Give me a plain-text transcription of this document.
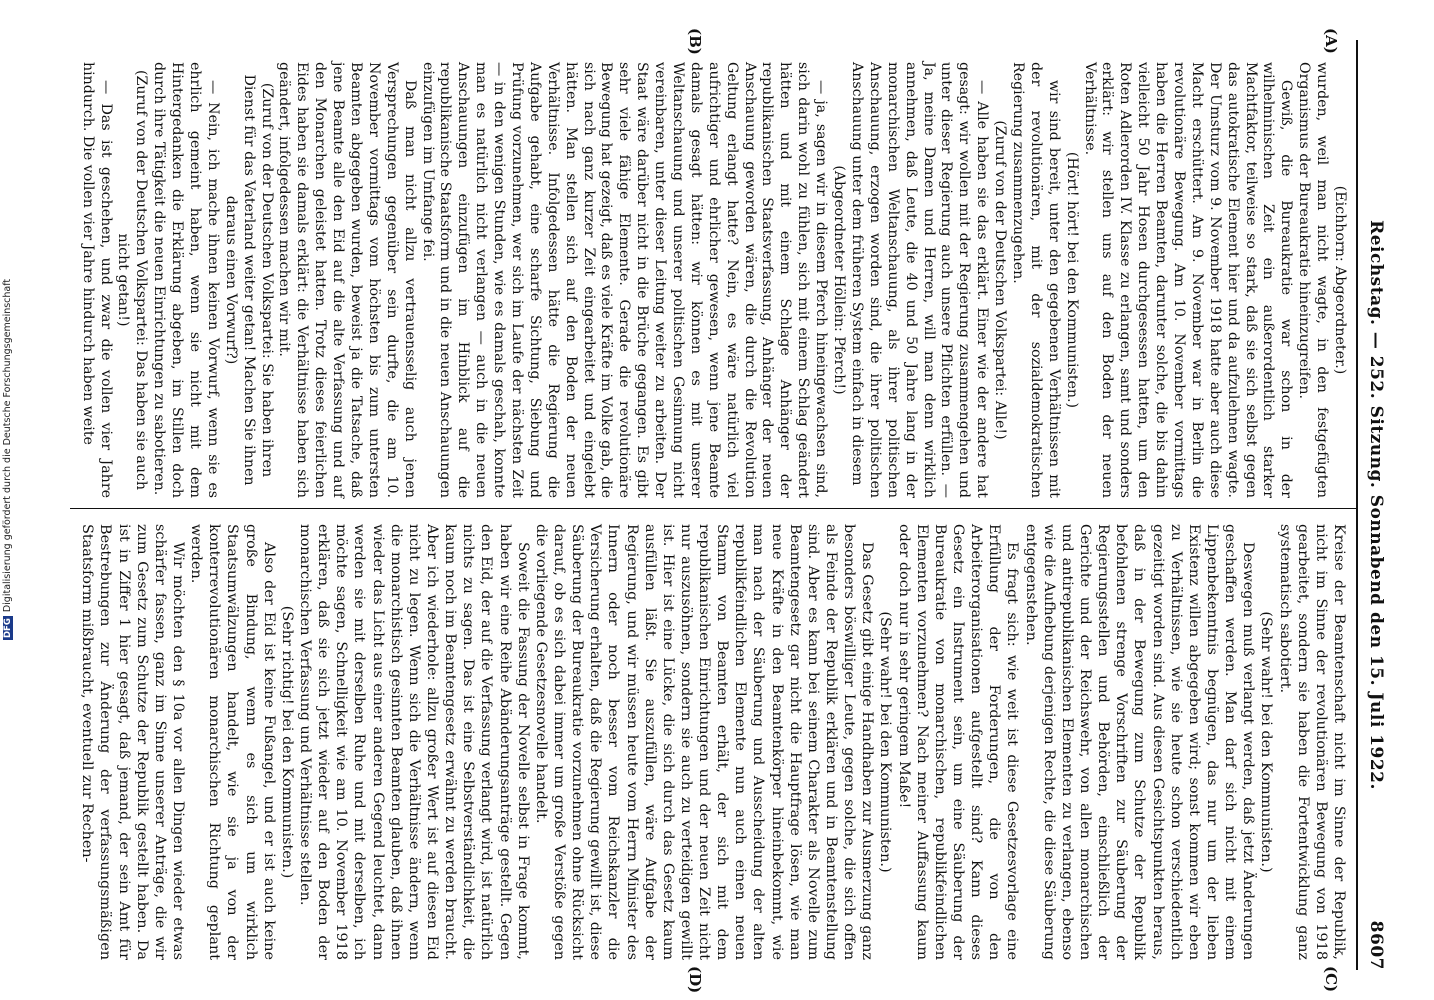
Reichstag. — 252. Sitzung. Sonnabend den 15. Juli 1922.
8607
(A)
(B)
(C)
(D)

(Eichhorn: Abgeordneter.)

wurden, weil man nicht wagte, in den festgefügten Organismus der Bureaukratie hineinzugreifen.

Gewiß, die Bureaukratie war schon in der wilhelminischen Zeit ein außerordentlich starker Machtfaktor, teilweise so stark, daß sie sich selbst gegen das autokratische Element hier und da aufzulehnen wagte. Der Umsturz vom 9. November 1918 hatte aber auch diese Macht erschüttert. Am 9. November war in Berlin die revolutionäre Bewegung. Am 10. November vormittags haben die Herren Beamten, darunter solche, die bis dahin vielleicht 50 Jahr Hosen durchgesessen hatten, um den Roten Adlerorden IV. Klasse zu erlangen, samt und sonders erklärt: wir stellen uns auf den Boden der neuen Verhältnisse.

(Hört! hört! bei den Kommunisten.)

wir sind bereit, unter den gegebenen Verhältnissen mit der revolutionären, mit der sozialdemokratischen Regierung zusammenzugehen.

(Zuruf von der Deutschen Volkspartei: Alle!)

— Alle haben sie das erklärt. Einer wie der andere hat gesagt: wir wollen mit der Regierung zusammengehen und unter dieser Regierung auch unsere Pflichten erfüllen. — Ja, meine Damen und Herren, will man denn wirklich annehmen, daß Leute, die 40 und 50 Jahre lang in der monarchischen Weltanschauung, als ihrer politischen Anschauung, erzogen worden sind, die ihrer politischen Anschauung unter dem früheren System einfach in diesem

(Abgeordneter Höllein: Pferch!)

— ja, sagen wir in diesem Pferch hineingewachsen sind, sich darin wohl zu fühlen, sich mit einem Schlag geändert hätten und mit einem Schlage Anhänger der republikanischen Staatsverfassung, Anhänger der neuen Anschauung geworden wären, die durch die Revolution Geltung erlangt hatte? Nein, es wäre natürlich viel aufrichtiger und ehrlicher gewesen, wenn jene Beamte damals gesagt hätten: wir können es mit unserer Weltanschauung und unserer politischen Gesinnung nicht vereinbaren, unter dieser Leitung weiter zu arbeiten. Der Staat wäre darüber nicht in die Brüche gegangen. Es gibt sehr viele fähige Elemente. Gerade die revolutionäre Bewegung hat gezeigt, daß es viele Kräfte im Volke gab, die sich nach ganz kurzer Zeit eingearbeitet und eingelebt hätten. Man stellen sich auf den Boden der neuen Verhältnisse. Infolgedessen hätte die Regierung die Aufgabe gehabt, eine scharfe Sichtung, Siebung und Prüfung vorzunehmen, wer sich im Laufe der nächsten Zeit — in den wenigen Stunden, wie es damals geschah, konnte man es natürlich nicht verlangen — auch in die neuen Anschauungen einzufügen im Hinblick auf die republikanische Staatsform und in die neuen Anschauungen einzufügen im Umfange fei.

Daß man nicht allzu vertrauensselig auch jenen Versprechungen gegenüber sein durfte, die am 10. November vormittags vom höchsten bis zum untersten Beamten abgegeben wurden, beweist ja die Tatsache, daß jene Beamte alle den Eid auf die alte Verfassung und auf den Monarchen geleistet hatten. Trotz dieses feierlichen Eides haben sie damals erklärt: die Verhältnisse haben sich geändert, infolgedessen machen wir mit.

(Zuruf von der Deutschen Volkspartei: Sie haben ihren Dienst für das Vaterland weiter getan! Machen Sie ihnen daraus einen Vorwurf?)

— Nein, ich mache ihnen keinen Vorwurf, wenn sie es ehrlich gemeint haben, wenn sie nicht mit dem Hintergedanken die Erklärung abgeben, im Stillen doch durch ihre Tätigkeit die neuen Einrichtungen zu sabotieren.

(Zuruf von der Deutschen Volkspartei: Das haben sie auch nicht getan!)

— Das ist geschehen, und zwar die vollen vier Jahre hindurch. Die vollen vier Jahre hindurch haben weite

Kreise der Beamtenschaft nicht im Sinne der Republik, nicht im Sinne der revolutionären Bewegung von 1918 gearbeitet, sondern sie haben die Fortentwicklung ganz systematisch sabotiert.

(Sehr wahr! bei den Kommunisten.)

Deswegen muß verlangt werden, daß jetzt Änderungen geschaffen werden. Man darf sich nicht mit einem Lippenbekenntnis begnügen, das nur um der lieben Existenz willen abgegeben wird; sonst kommen wir eben zu Verhältnissen, wie sie heute schon verschiedentlich gezeitigt worden sind. Aus diesen Gesichtspunkten heraus, daß in der Bewegung zum Schutze der Republik befohlenen strenge Vorschriften zur Säuberung der Regierungsstellen und Behörden, einschließlich der Gerichte und der Reichswehr, von allen monarchischen und antirepublikanischen Elementen zu verlangen, ebenso wie die Aufhebung derjenigen Rechte, die diese Säuberung entgegenstehen.

Es fragt sich: wie weit ist diese Gesetzesvorlage eine Erfüllung der Forderungen, die von den Arbeiterorganisationen aufgestellt sind? Kann dieses Gesetz ein Instrument sein, um eine Säuberung der Bureaukratie von monarchischen, republikfeindlichen Elementen vorzunehmen? Nach meiner Auffassung kaum oder doch nur in sehr geringem Maße!

(Sehr wahr! bei den Kommunisten.)

Das Gesetz gibt einige Handhaben zur Ausmerzung ganz besonders böswilliger Leute, gegen solche, die sich offen als Feinde der Republik erklären und in Beamtenstellung sind. Aber es kann bei seinem Charakter als Novelle zum Beamtengesetz gar nicht die Hauptfrage lösen, wie man neue Kräfte in den Beamtenkörper hineinbekommt, wie man nach der Säuberung und Ausscheidung der alten republikfeindlichen Elemente nun auch einen neuen Stamm von Beamten erhält, der sich mit dem republikanischen Einrichtungen und der neuen Zeit nicht nur auszusöhnen, sondern sie auch zu verteidigen gewillt ist. Hier ist eine Lücke, die sich durch das Gesetz kaum ausfüllen läßt. Sie auszufüllen, wäre Aufgabe der Regierung, und wir müssen heute vom Herrn Minister des Innern oder noch besser vom Reichskanzler die Versicherung erhalten, daß die Regierung gewillt ist, diese Säuberung der Bureaukratie vorzunehmen ohne Rücksicht darauf, ob es sich dabei immer um große Verstöße gegen die vorliegende Gesetzesnovelle handelt.

Soweit die Fassung der Novelle selbst in Frage kommt, haben wir eine Reihe Abänderungsanträge gestellt. Gegen den Eid, der auf die Verfassung verlangt wird, ist natürlich nichts zu sagen. Das ist eine Selbstverständlichkeit, die kaum noch im Beamtengesetz erwähnt zu werden braucht. Aber ich wiederhole: allzu großer Wert ist auf diesen Eid nicht zu legen. Wenn sich die Verhältnisse ändern, wenn die monarchistisch gesinnten Beamten glauben, daß ihnen wieder das Licht aus einer anderen Gegend leuchtet, dann werden sie mit derselben Ruhe und mit derselben, ich möchte sagen, Schnelligkeit wie am 10. November 1918 erklären, daß sie sich jetzt wieder auf den Boden der monarchischen Verfassung und Verhältnisse stellen.

(Sehr richtig! bei den Kommunisten.)

Also der Eid ist keine Fußangel, und er ist auch keine große Bindung, wenn es sich um wirklich Staatsumwälzungen handelt, wie sie ja von der konterrevolutionären monarchischen Richtung geplant werden.

Wir möchten den § 10a vor allen Dingen wieder etwas schärfer fassen, ganz im Sinne unserer Anträge, die wir zum Gesetz zum Schutze der Republik gestellt haben. Da ist in Ziffer 1 hier gesagt, daß jemand, der sein Amt für Bestrebungen zur Änderung der verfassungsmäßigen Staatsform mißbraucht, eventuell zur Rechen-

DFGDigitalisierung gefördert durch die Deutsche Forschungsgemeinschaft
